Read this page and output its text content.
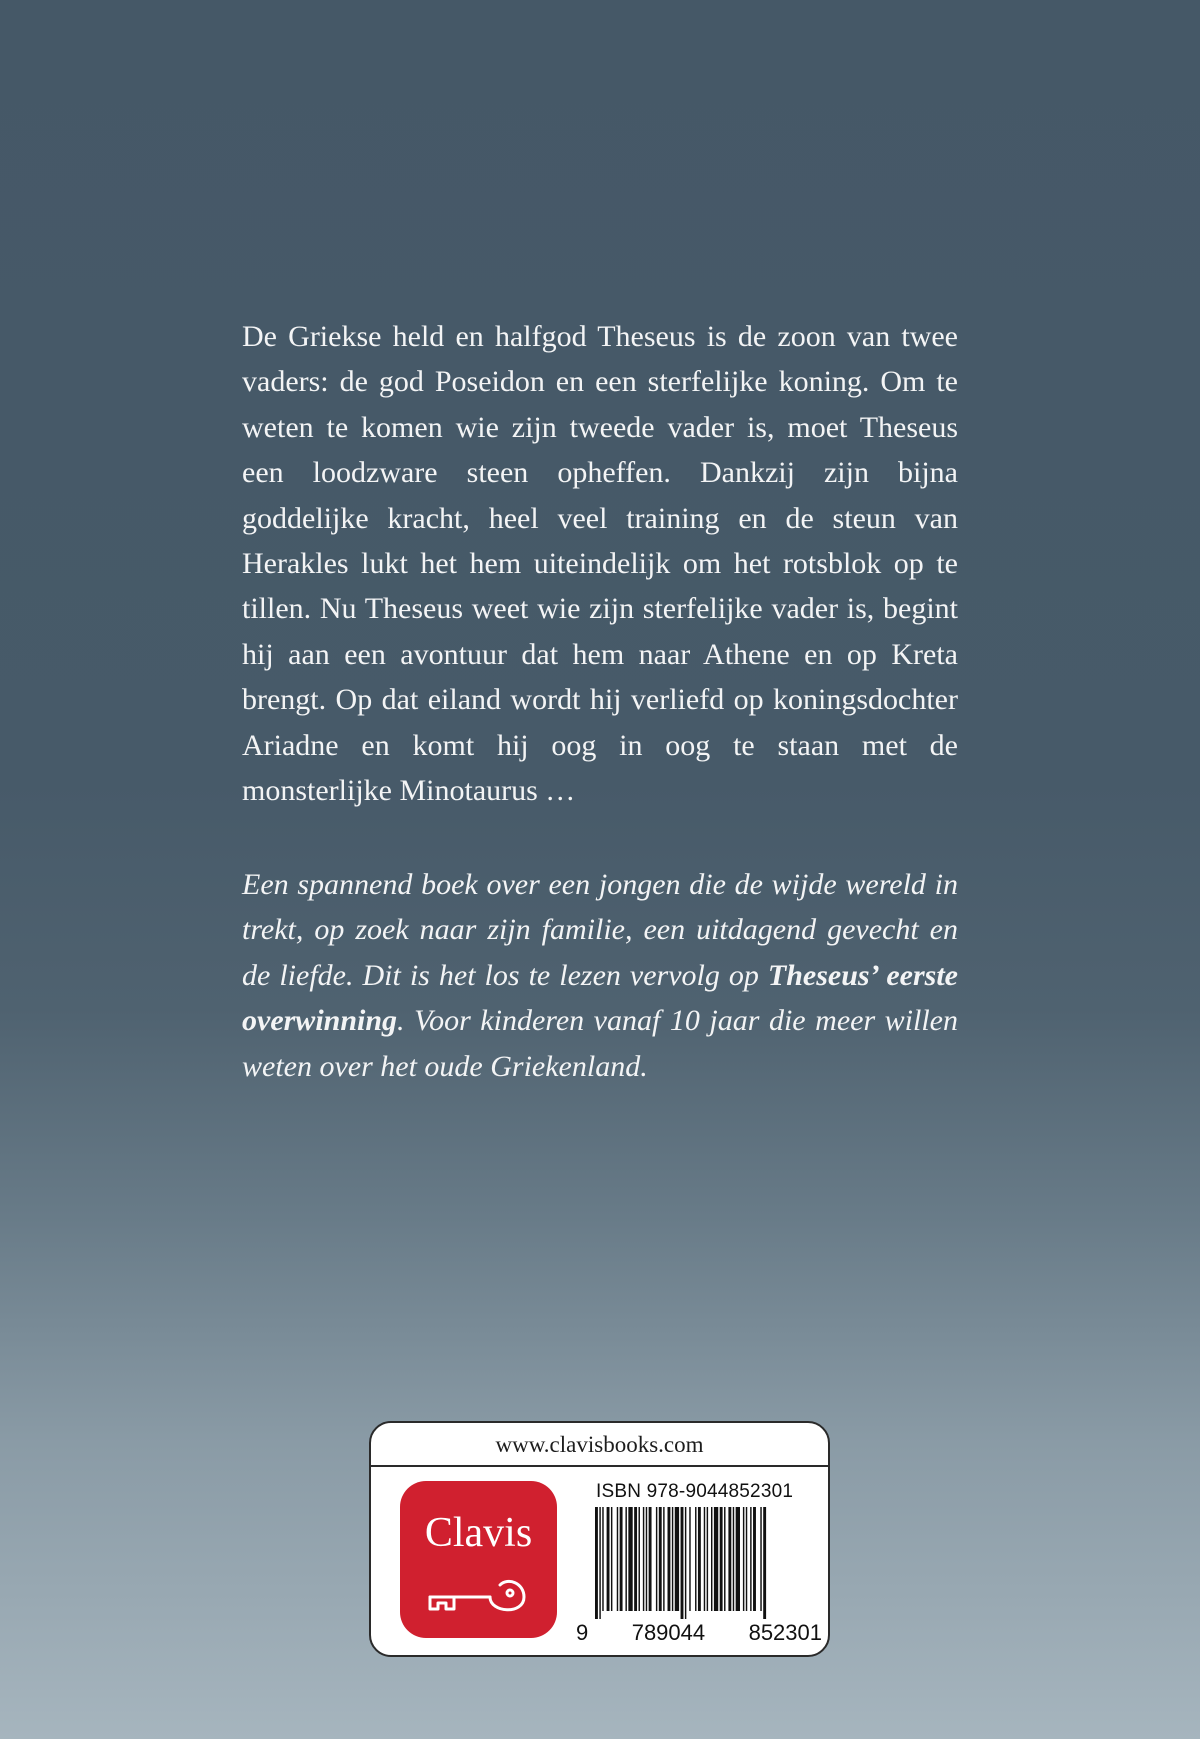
De Griekse held en halfgod Theseus is de zoon van twee vaders: de god Poseidon en een sterfelijke koning. Om te weten te komen wie zijn tweede vader is, moet Theseus een loodzware steen opheffen. Dankzij zijn bijna goddelijke kracht, heel veel training en de steun van Herakles lukt het hem uiteindelijk om het rotsblok op te tillen. Nu Theseus weet wie zijn sterfelijke vader is, begint hij aan een avontuur dat hem naar Athene en op Kreta brengt. Op dat eiland wordt hij verliefd op koningsdochter Ariadne en komt hij oog in oog te staan met de monsterlijke Minotaurus …

Een spannend boek over een jongen die de wijde wereld in trekt, op zoek naar zijn familie, een uitdagend gevecht en de liefde. Dit is het los te lezen vervolg op Theseus’ eerste overwinning. Voor kinderen vanaf 10 jaar die meer willen weten over het oude Griekenland.

www.clavisbooks.com
Clavis
ISBN 978-9044852301
9 789044 852301
